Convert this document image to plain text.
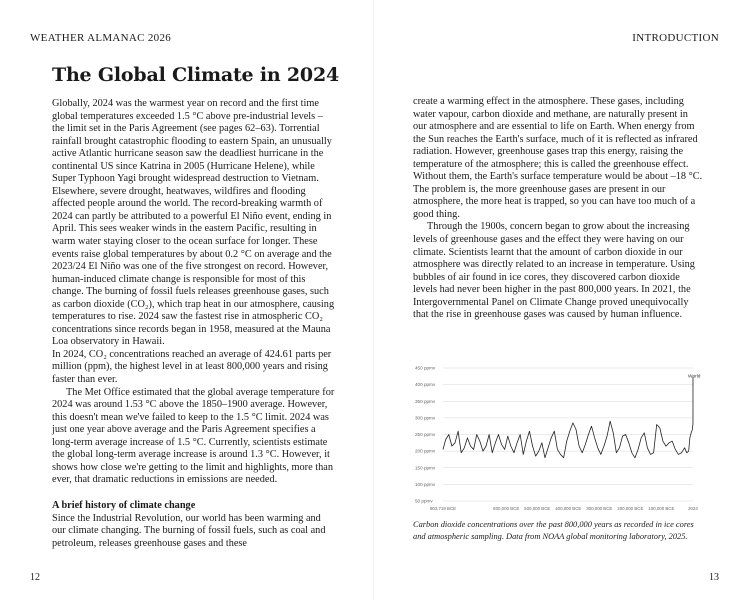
WEATHER ALMANAC 2026
The Global Climate in 2024

Globally, 2024 was the warmest year on record and the first time global temperatures exceeded 1.5 °C above pre-industrial levels – the limit set in the Paris Agreement (see pages 62–63). Torrential rainfall brought catastrophic flooding to eastern Spain, an unusually active Atlantic hurricane season saw the deadliest hurricane in the continental US since Katrina in 2005 (Hurricane Helene), while Super Typhoon Yagi brought widespread destruction to Vietnam. Elsewhere, severe drought, heatwaves, wildfires and flooding affected people around the world. The record-breaking warmth of 2024 can partly be attributed to a powerful El Niño event, ending in April. This sees weaker winds in the eastern Pacific, resulting in warm water staying closer to the ocean surface for longer. These events raise global temperatures by about 0.2 °C on average and the 2023/24 El Niño was one of the five strongest on record. However, human-induced climate change is responsible for most of this change. The burning of fossil fuels releases greenhouse gases, such as carbon dioxide (CO₂), which trap heat in our atmosphere, causing temperatures to rise. 2024 saw the fastest rise in atmospheric CO₂ concentrations since records began in 1958, measured at the Mauna Loa observatory in Hawaii.

In 2024, CO₂ concentrations reached an average of 424.61 parts per million (ppm), the highest level in at least 800,000 years and rising faster than ever.

The Met Office estimated that the global average temperature for 2024 was around 1.53 °C above the 1850–1900 average. However, this doesn't mean we've failed to keep to the 1.5 °C limit. 2024 was just one year above average and the Paris Agreement specifies a long-term average increase of 1.5 °C. Currently, scientists estimate the global long-term average increase is around 1.3 °C. However, it shows how close we're getting to the limit and highlights, more than ever, that dramatic reductions in emissions are needed.

A brief history of climate change

Since the Industrial Revolution, our world has been warming and our climate changing. The burning of fossil fuels, such as coal and petroleum, releases greenhouse gases and these

12
INTRODUCTION

create a warming effect in the atmosphere. These gases, including water vapour, carbon dioxide and methane, are naturally present in our atmosphere and are essential to life on Earth. When energy from the Sun reaches the Earth's surface, much of it is reflected as infrared radiation. However, greenhouse gases trap this energy, raising the temperature of the atmosphere; this is called the greenhouse effect. Without them, the Earth's surface temperature would be about –18 °C. The problem is, the more greenhouse gases are present in our atmosphere, the more heat is trapped, so you can have too much of a good thing.

Through the 1900s, concern began to grow about the increasing levels of greenhouse gases and the effect they were having on our climate. Scientists learnt that the amount of carbon dioxide in our atmosphere was directly related to an increase in temperature. Using bubbles of air found in ice cores, they discovered carbon dioxide levels had never been higher in the past 800,000 years. In 2021, the Intergovernmental Panel on Climate Change proved unequivocally that the rise in greenhouse gases was caused by human influence.

50 ppmv
100 ppmv
150 ppmv
200 ppmv
250 ppmv
300 ppmv
350 ppmv
400 ppmv
450 ppmv
803,719 BCE	600,000 BCE 500,000 BCE 400,000 BCE 300,000 BCE 200,000 BCE 100,000 BCE	2024
World
Carbon dioxide concentrations over the past 800,000 years as recorded in ice cores and atmospheric sampling. Data from NOAA global monitoring laboratory, 2025.
13
